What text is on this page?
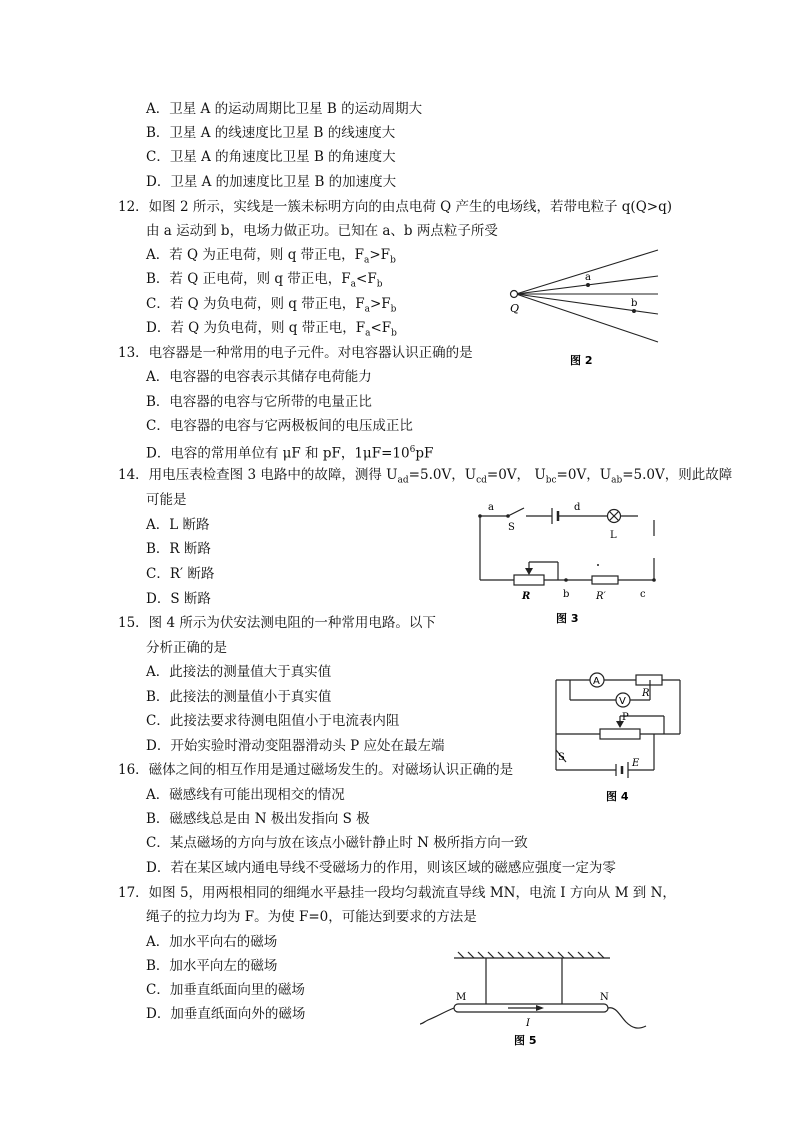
A．卫星 A 的运动周期比卫星 B 的运动周期大
B．卫星 A 的线速度比卫星 B 的线速度大
C．卫星 A 的角速度比卫星 B 的角速度大
D．卫星 A 的加速度比卫星 B 的加速度大
12．如图 2 所示，实线是一簇未标明方向的由点电荷 Q 产生的电场线，若带电粒子 q(Q>q)
由 a 运动到 b，电场力做正功。已知在 a、b 两点粒子所受
A．若 Q 为正电荷，则 q 带正电，$F_a>F_b$
B．若 Q 正电荷，则 q 带正电，$F_a<F_b$
C．若 Q 为负电荷，则 q 带正电，$F_a>F_b$
D．若 Q 为负电荷，则 q 带正电，$F_a<F_b$
Q
a
b
图 2
13．电容器是一种常用的电子元件。对电容器认识正确的是
A．电容器的电容表示其储存电荷能力
B．电容器的电容与它所带的电量正比
C．电容器的电容与它两极板间的电压成正比
D．电容的常用单位有 μF 和 pF，$1\mu F=10^6pF$
14．用电压表检查图 3 电路中的故障，测得 $U_{ad}=5.0V$，$U_{cd}=0V$， $U_{bc}=0V$，$U_{ab}=5.0V$，则此故障
可能是
A．L 断路
B．R 断路
C．R′ 断路
D．S 断路
a
S
d
L
R	b	R′	c
图 3
15．图 4 所示为伏安法测电阻的一种常用电路。以下
分析正确的是
A．此接法的测量值大于真实值
B．此接法的测量值小于真实值
C．此接法要求待测电阻值小于电流表内阻
D．开始实验时滑动变阻器滑动头 P 应处在最左端
A
V
R
P
S
E
图 4
16．磁体之间的相互作用是通过磁场发生的。对磁场认识正确的是
A．磁感线有可能出现相交的情况
B．磁感线总是由 N 极出发指向 S 极
C．某点磁场的方向与放在该点小磁针静止时 N 极所指方向一致
D．若在某区域内通电导线不受磁场力的作用，则该区域的磁感应强度一定为零
17．如图 5，用两根相同的细绳水平悬挂一段均匀载流直导线 MN，电流 I 方向从 M 到 N，
绳子的拉力均为 F。为使 F=0，可能达到要求的方法是
A．加水平向右的磁场
B．加水平向左的磁场
C．加垂直纸面向里的磁场
D．加垂直纸面向外的磁场
M	N
I
图 5
